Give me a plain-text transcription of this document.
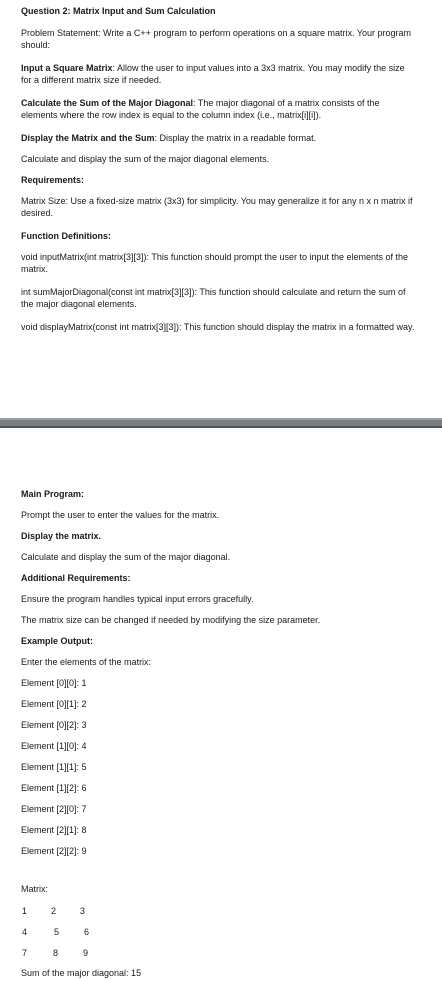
Question 2: Matrix Input and Sum Calculation
Problem Statement: Write a C++ program to perform operations on a square matrix. Your program should:
Input a Square Matrix: Allow the user to input values into a 3x3 matrix. You may modify the size for a different matrix size if needed.
Calculate the Sum of the Major Diagonal: The major diagonal of a matrix consists of the elements where the row index is equal to the column index (i.e., matrix[i][i]).
Display the Matrix and the Sum: Display the matrix in a readable format.
Calculate and display the sum of the major diagonal elements.
Requirements:
Matrix Size: Use a fixed-size matrix (3x3) for simplicity. You may generalize it for any n x n matrix if desired.
Function Definitions:
void inputMatrix(int matrix[3][3]): This function should prompt the user to input the elements of the matrix.
int sumMajorDiagonal(const int matrix[3][3]): This function should calculate and return the sum of the major diagonal elements.
void displayMatrix(const int matrix[3][3]): This function should display the matrix in a formatted way.
Main Program:
Prompt the user to enter the values for the matrix.
Display the matrix.
Calculate and display the sum of the major diagonal.
Additional Requirements:
Ensure the program handles typical input errors gracefully.
The matrix size can be changed if needed by modifying the size parameter.
Example Output:
Enter the elements of the matrix:
Element [0][0]: 1
Element [0][1]: 2
Element [0][2]: 3
Element [1][0]: 4
Element [1][1]: 5
Element [1][2]: 6
Element [2][0]: 7
Element [2][1]: 8
Element [2][2]: 9
Matrix:
1	2	3
4	5	6
7	8	9
Sum of the major diagonal: 15
